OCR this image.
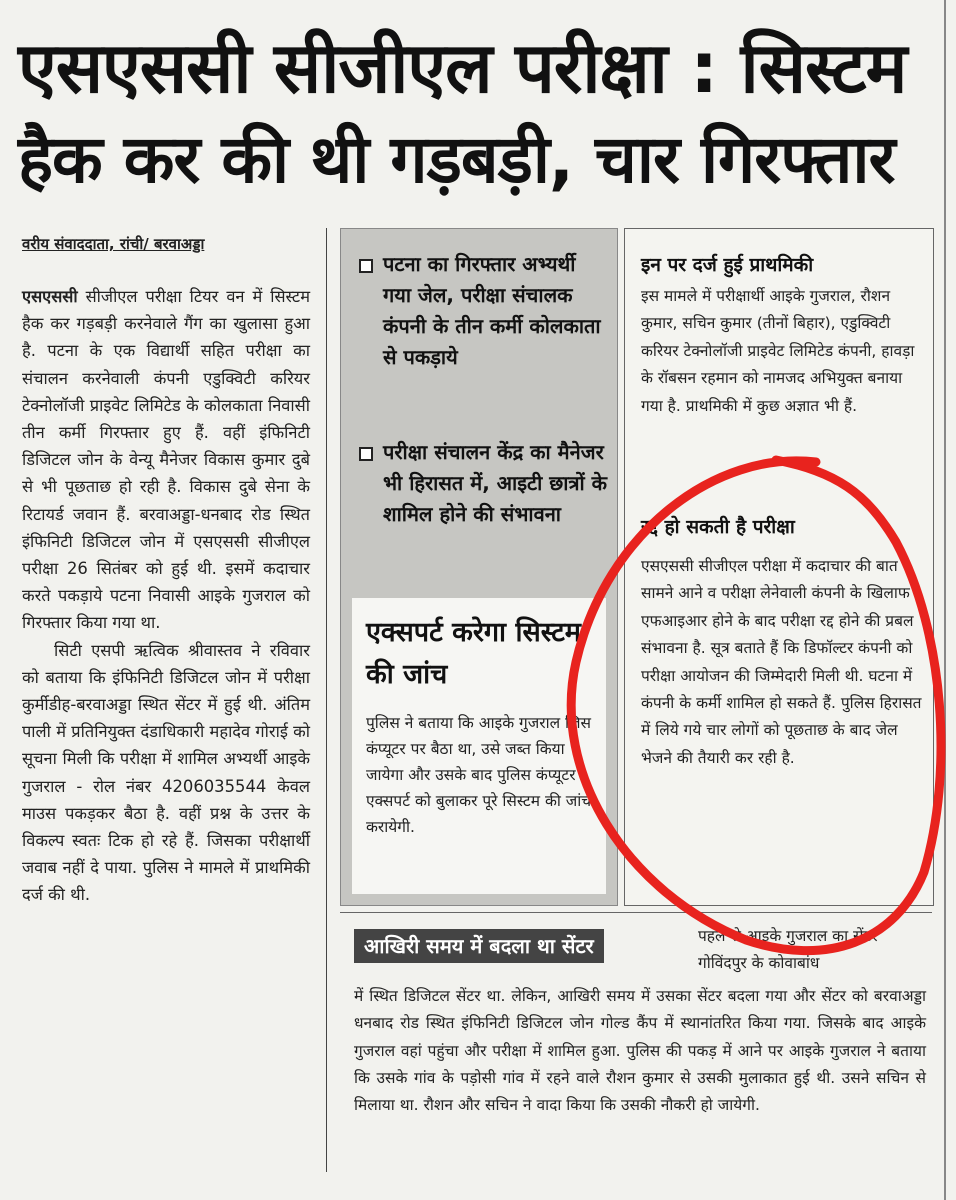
एसएससी सीजीएल परीक्षा : सिस्टम
हैक कर की थी गड़बड़ी, चार गिरफ्तार
वरीय संवाददाता, रांची/ बरवाअड्डा

एसएससी सीजीएल परीक्षा टियर वन में सिस्टम हैक कर गड़बड़ी करनेवाले गैंग का खुलासा हुआ है. पटना के एक विद्यार्थी सहित परीक्षा का संचालन करनेवाली कंपनी एडुक्विटी करियर टेक्नोलॉजी प्राइवेट लिमिटेड के कोलकाता निवासी तीन कर्मी गिरफ्तार हुए हैं. वहीं इंफिनिटी डिजिटल जोन के वेन्यू मैनेजर विकास कुमार दुबे से भी पूछताछ हो रही है. विकास दुबे सेना के रिटायर्ड जवान हैं. बरवाअड्डा-धनबाद रोड स्थित इंफिनिटी डिजिटल जोन में एसएससी सीजीएल परीक्षा 26 सितंबर को हुई थी. इसमें कदाचार करते पकड़ाये पटना निवासी आइके गुजराल को गिरफ्तार किया गया था.

सिटी एसपी ऋत्विक श्रीवास्तव ने रविवार को बताया कि इंफिनिटी डिजिटल जोन में परीक्षा कुर्मीडीह-बरवाअड्डा स्थित सेंटर में हुई थी. अंतिम पाली में प्रतिनियुक्त दंडाधिकारी महादेव गोराई को सूचना मिली कि परीक्षा में शामिल अभ्यर्थी आइके गुजराल - रोल नंबर 4206035544 केवल माउस पकड़कर बैठा है. वहीं प्रश्न के उत्तर के विकल्प स्वतः टिक हो रहे हैं. जिसका परीक्षार्थी जवाब नहीं दे पाया. पुलिस ने मामले में प्राथमिकी दर्ज की थी.

पटना का गिरफ्तार अभ्यर्थी गया जेल, परीक्षा संचालक कंपनी के तीन कर्मी कोलकाता से पकड़ाये
परीक्षा संचालन केंद्र का मैनेजर भी हिरासत में, आइटी छात्रों के शामिल होने की संभावना
एक्सपर्ट करेगा सिस्टम की जांच
पुलिस ने बताया कि आइके गुजराल जिस कंप्यूटर पर बैठा था, उसे जब्त किया जायेगा और उसके बाद पुलिस कंप्यूटर एक्सपर्ट को बुलाकर पूरे सिस्टम की जांच करायेगी.
इन पर दर्ज हुई प्राथमिकी
इस मामले में परीक्षार्थी आइके गुजराल, रौशन कुमार, सचिन कुमार (तीनों बिहार), एडुक्विटी करियर टेक्नोलॉजी प्राइवेट लिमिटेड कंपनी, हावड़ा के रॉबसन रहमान को नामजद अभियुक्त बनाया गया है. प्राथमिकी में कुछ अज्ञात भी हैं.
रद्द हो सकती है परीक्षा
एसएससी सीजीएल परीक्षा में कदाचार की बात सामने आने व परीक्षा लेनेवाली कंपनी के खिलाफ एफआइआर होने के बाद परीक्षा रद्द होने की प्रबल संभावना है. सूत्र बताते हैं कि डिफॉल्टर कंपनी को परीक्षा आयोजन की जिम्मेदारी मिली थी. घटना में कंपनी के कर्मी शामिल हो सकते हैं. पुलिस हिरासत में लिये गये चार लोगों को पूछताछ के बाद जेल भेजने की तैयारी कर रही है.
आखिरी समय में बदला था सेंटर	पहले से आइके गुजराल का सेंटर गोविंदपुर के कोवाबांध
में स्थित डिजिटल सेंटर था. लेकिन, आखिरी समय में उसका सेंटर बदला गया और सेंटर को बरवाअड्डा धनबाद रोड स्थित इंफिनिटी डिजिटल जोन गोल्ड कैंप में स्थानांतरित किया गया. जिसके बाद आइके गुजराल वहां पहुंचा और परीक्षा में शामिल हुआ. पुलिस की पकड़ में आने पर आइके गुजराल ने बताया कि उसके गांव के पड़ोसी गांव में रहने वाले रौशन कुमार से उसकी मुलाकात हुई थी. उसने सचिन से मिलाया था. रौशन और सचिन ने वादा किया कि उसकी नौकरी हो जायेगी.
